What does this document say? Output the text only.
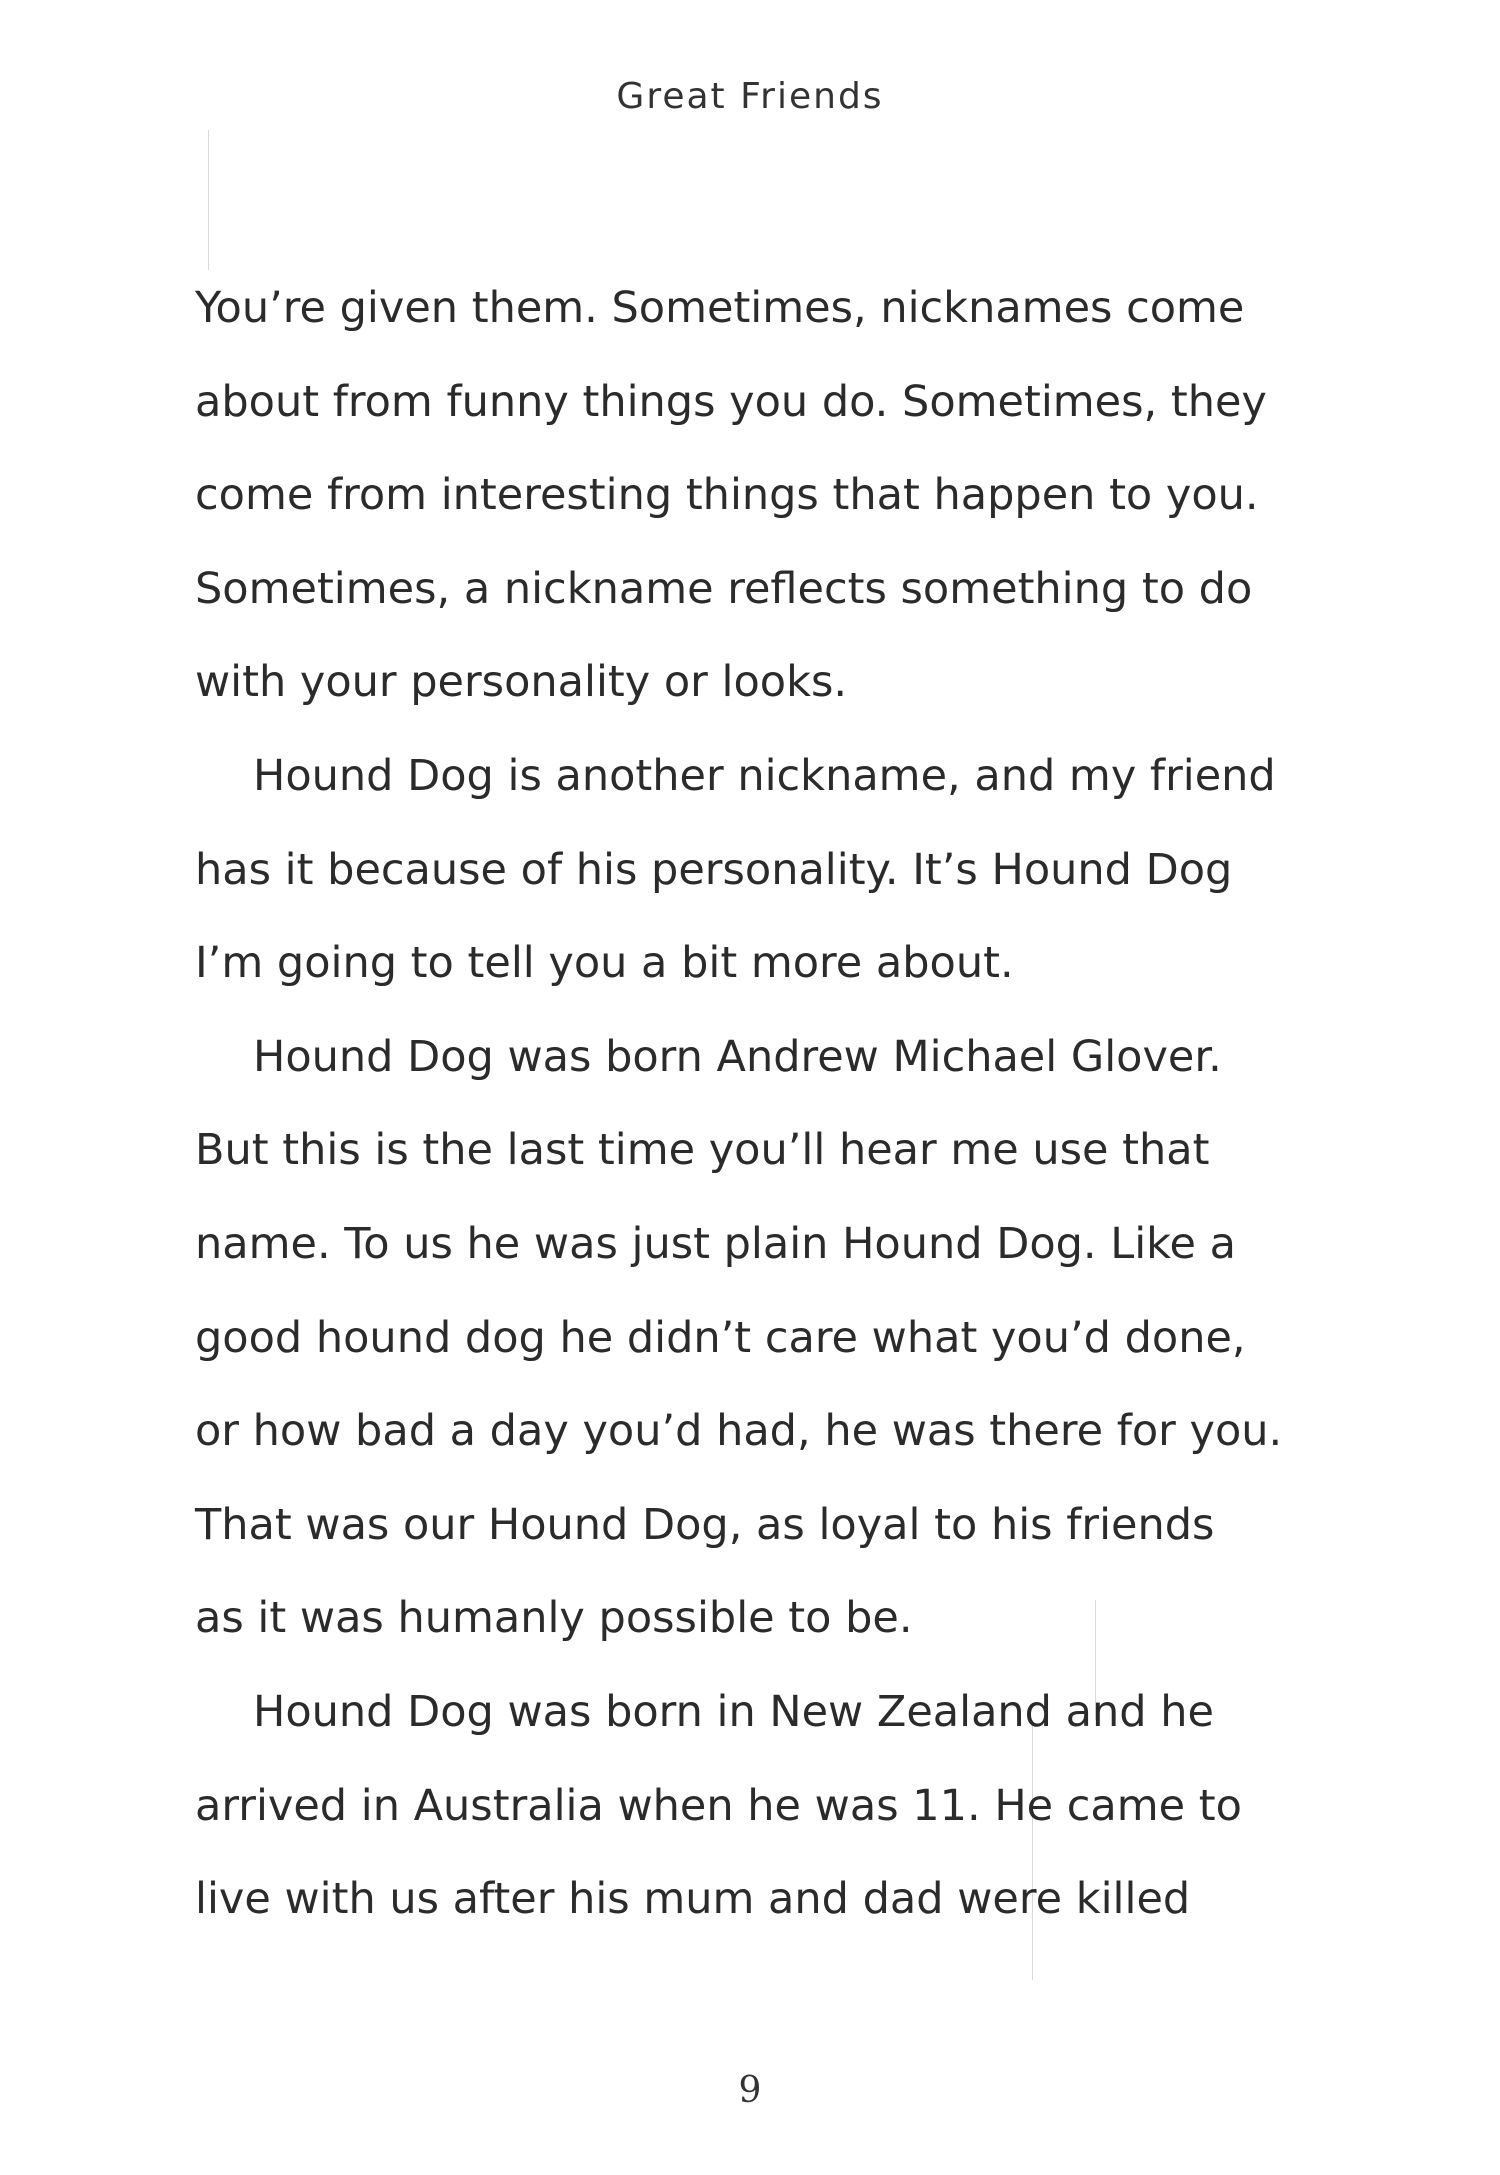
Great Friends
You’re given them. Sometimes, nicknames come
about from funny things you do. Sometimes, they
come from interesting things that happen to you.
Sometimes, a nickname reflects something to do
with your personality or looks.
Hound Dog is another nickname, and my friend
has it because of his personality. It’s Hound Dog
I’m going to tell you a bit more about.
Hound Dog was born Andrew Michael Glover.
But this is the last time you’ll hear me use that
name. To us he was just plain Hound Dog. Like a
good hound dog he didn’t care what you’d done,
or how bad a day you’d had, he was there for you.
That was our Hound Dog, as loyal to his friends
as it was humanly possible to be.
Hound Dog was born in New Zealand and he
arrived in Australia when he was 11. He came to
live with us after his mum and dad were killed
9
